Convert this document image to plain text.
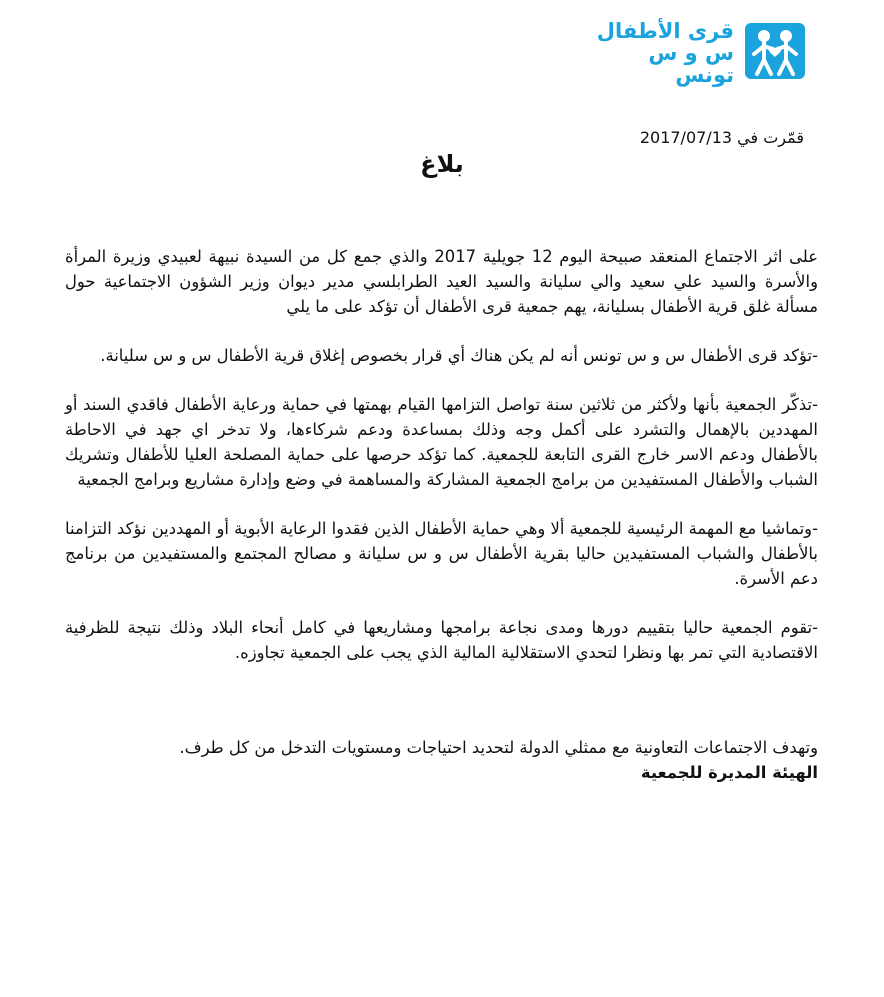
قرى الأطفال
س و س
تونس
قمّرت في 2017/07/13
بلاغ

على اثر الاجتماع المنعقد صبيحة اليوم 12 جويلية 2017 والذي جمع كل من السيدة نبيهة لعبيدي وزيرة المرأة والأسرة والسيد علي سعيد والي سليانة والسيد العيد الطرابلسي مدير ديوان وزير الشؤون الاجتماعية حول مسألة غلق قرية الأطفال بسليانة، يهم جمعية قرى الأطفال أن تؤكد على ما يلي

-تؤكد قرى الأطفال س و س تونس أنه لم يكن هناك أي قرار بخصوص إغلاق قرية الأطفال س و س سليانة.

-تذكّر الجمعية بأنها ولأكثر من ثلاثين سنة تواصل التزامها القيام بهمتها في حماية ورعاية الأطفال فاقدي السند أو المهددين بالإهمال والتشرد على أكمل وجه وذلك بمساعدة ودعم شركاءها، ولا تدخر اي جهد في الاحاطة بالأطفال ودعم الاسر خارج القرى التابعة للجمعية. كما تؤكد حرصها على حماية المصلحة العليا للأطفال وتشريك الشباب والأطفال المستفيدين من برامج الجمعية المشاركة والمساهمة في وضع وإدارة مشاريع وبرامج الجمعية

-وتماشيا مع المهمة الرئيسية للجمعية ألا وهي حماية الأطفال الذين فقدوا الرعاية الأبوية أو المهددين نؤكد التزامنا بالأطفال والشباب المستفيدين حاليا بقرية الأطفال س و س سليانة و مصالح المجتمع والمستفيدين من برنامج دعم الأسرة.

-تقوم الجمعية حاليا بتقييم دورها ومدى نجاعة برامجها ومشاريعها في كامل أنحاء البلاد وذلك نتيجة للظرفية الاقتصادية التي تمر بها ونظرا لتحدي الاستقلالية المالية الذي يجب على الجمعية تجاوزه.

وتهدف الاجتماعات التعاونية مع ممثلي الدولة لتحديد احتياجات ومستويات التدخل من كل طرف.

الهيئة المديرة للجمعية
